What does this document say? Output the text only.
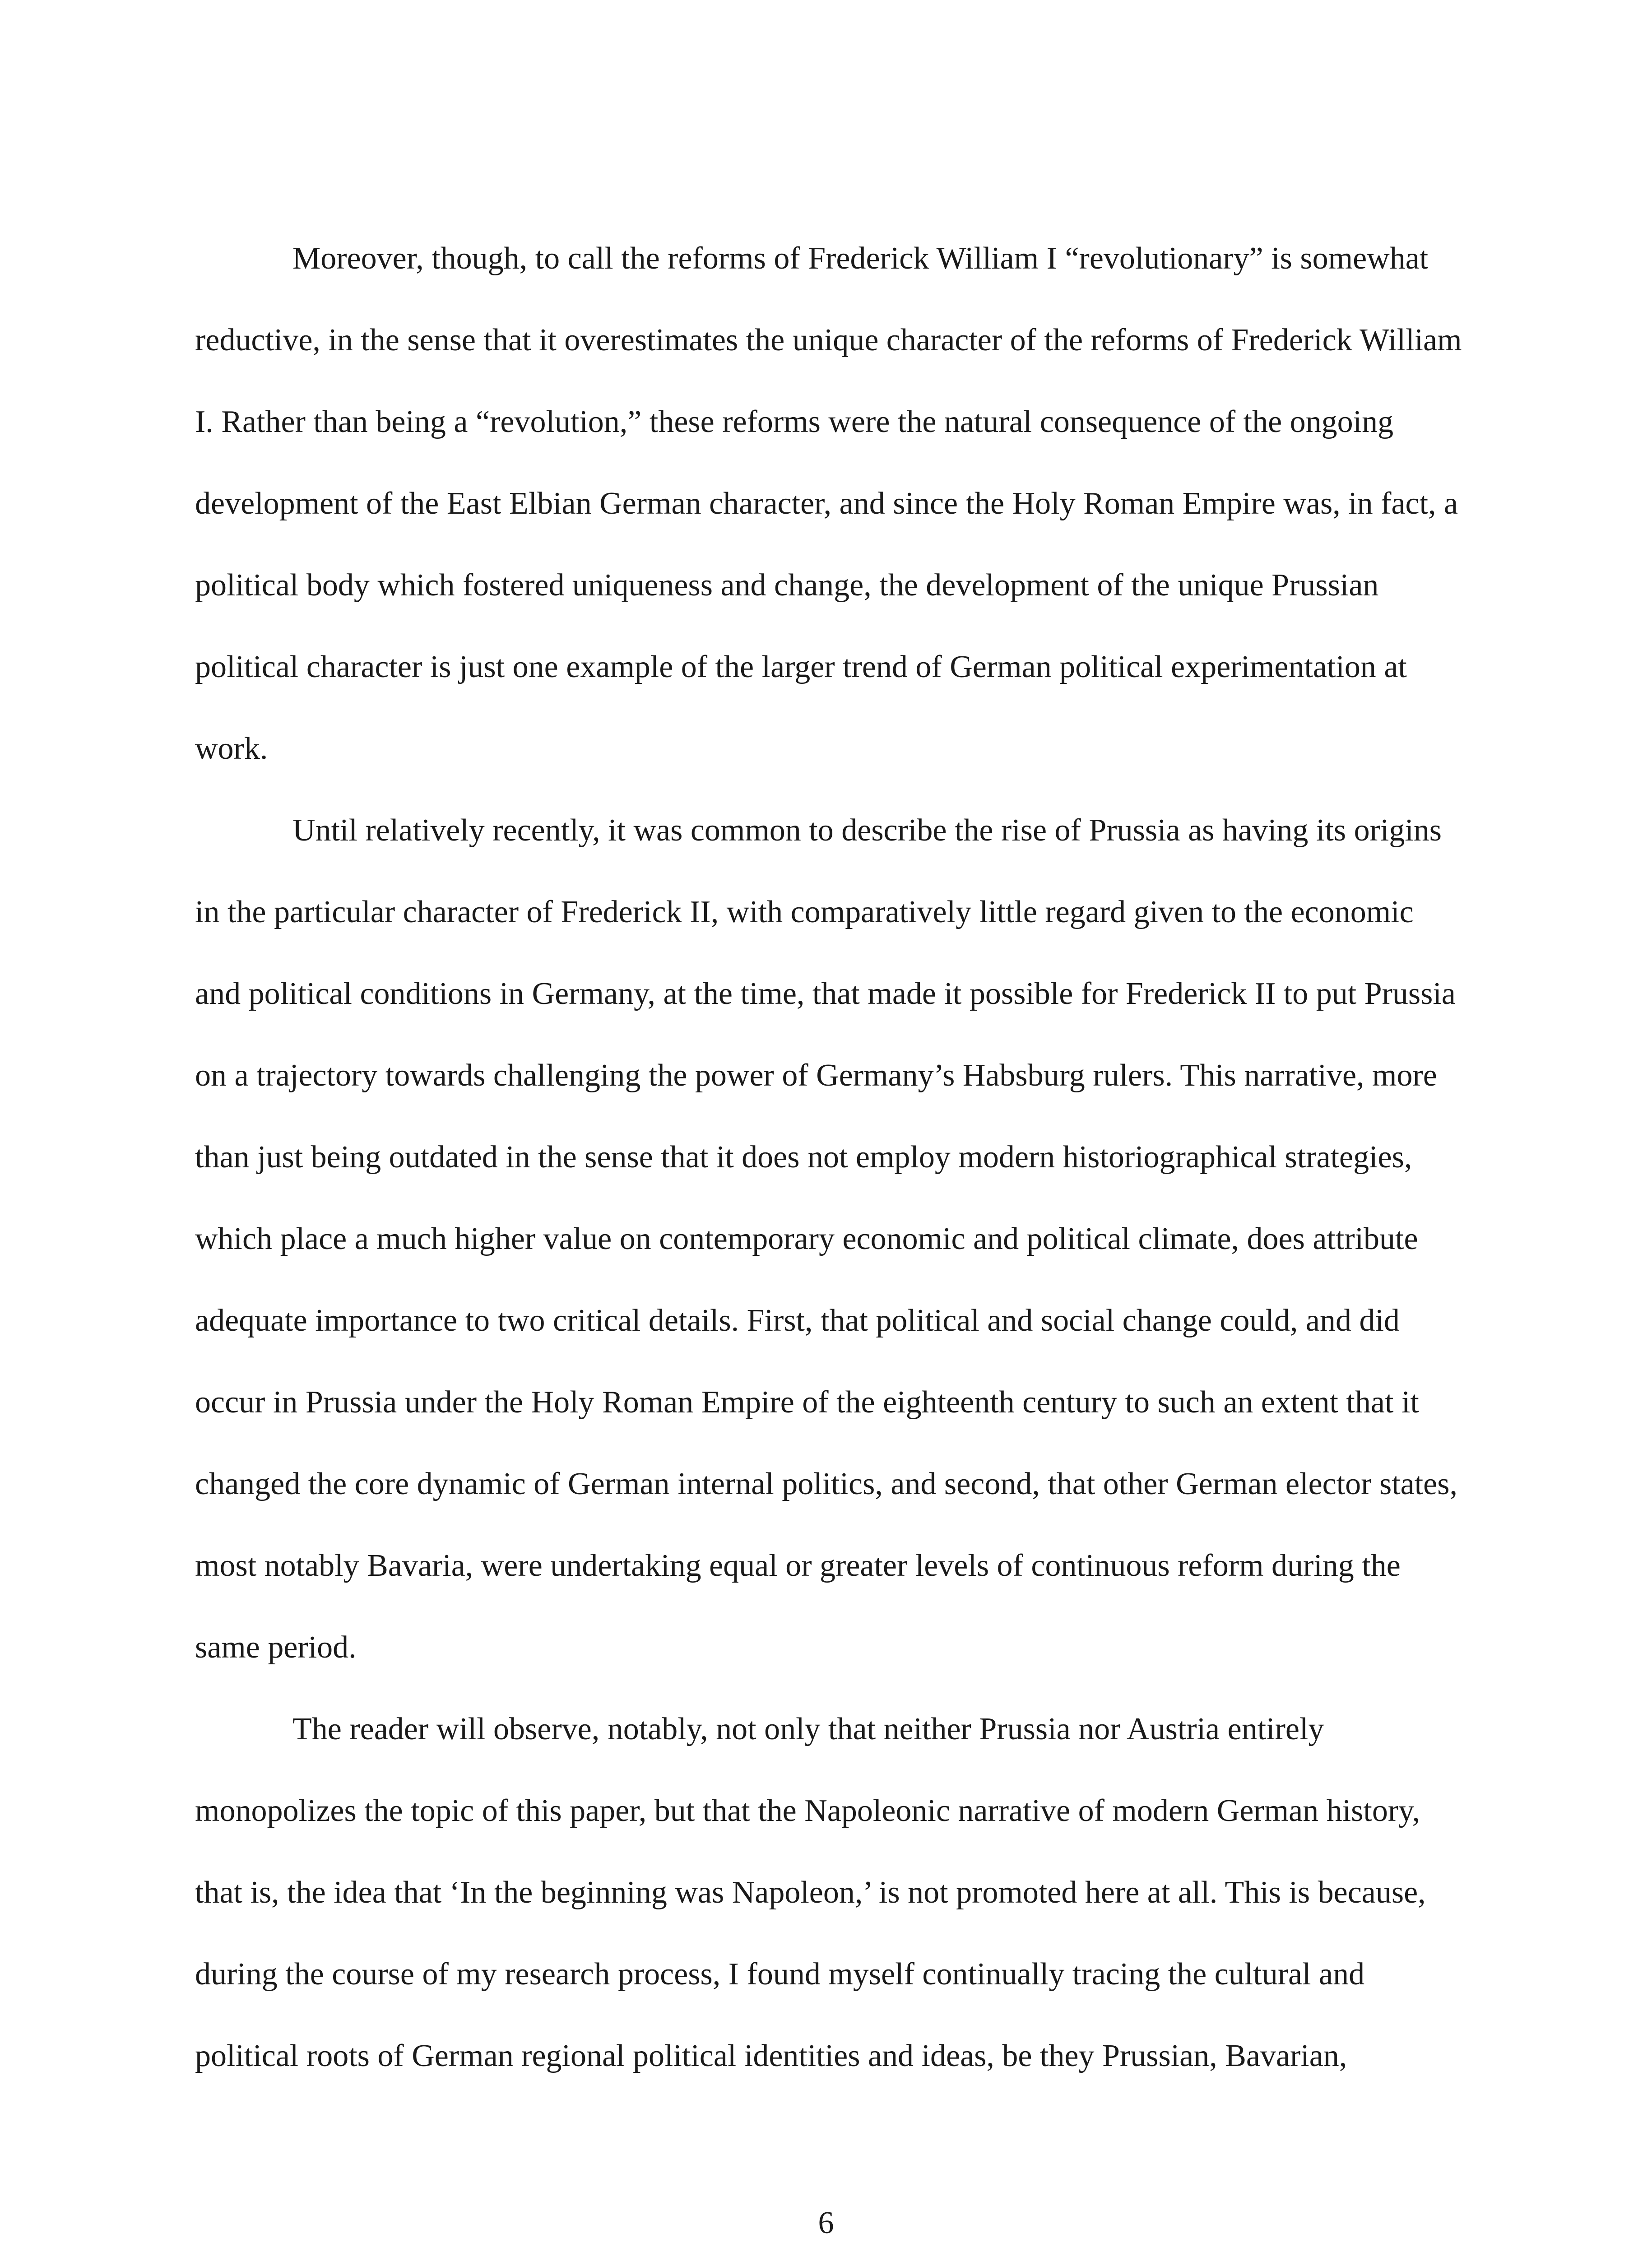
Moreover, though, to call the reforms of Frederick William I “revolutionary” is somewhat reductive, in the sense that it overestimates the unique character of the reforms of Frederick William I. Rather than being a “revolution,” these reforms were the natural consequence of the ongoing development of the East Elbian German character, and since the Holy Roman Empire was, in fact, a political body which fostered uniqueness and change, the development of the unique Prussian political character is just one example of the larger trend of German political experimentation at work.

Until relatively recently, it was common to describe the rise of Prussia as having its origins in the particular character of Frederick II, with comparatively little regard given to the economic and political conditions in Germany, at the time, that made it possible for Frederick II to put Prussia on a trajectory towards challenging the power of Germany’s Habsburg rulers. This narrative, more than just being outdated in the sense that it does not employ modern historiographical strategies, which place a much higher value on contemporary economic and political climate, does attribute adequate importance to two critical details. First, that political and social change could, and did occur in Prussia under the Holy Roman Empire of the eighteenth century to such an extent that it changed the core dynamic of German internal politics, and second, that other German elector states, most notably Bavaria, were undertaking equal or greater levels of continuous reform during the same period.

The reader will observe, notably, not only that neither Prussia nor Austria entirely monopolizes the topic of this paper, but that the Napoleonic narrative of modern German history, that is, the idea that ‘In the beginning was Napoleon,’ is not promoted here at all. This is because, during the course of my research process, I found myself continually tracing the cultural and political roots of German regional political identities and ideas, be they Prussian, Bavarian,

6
